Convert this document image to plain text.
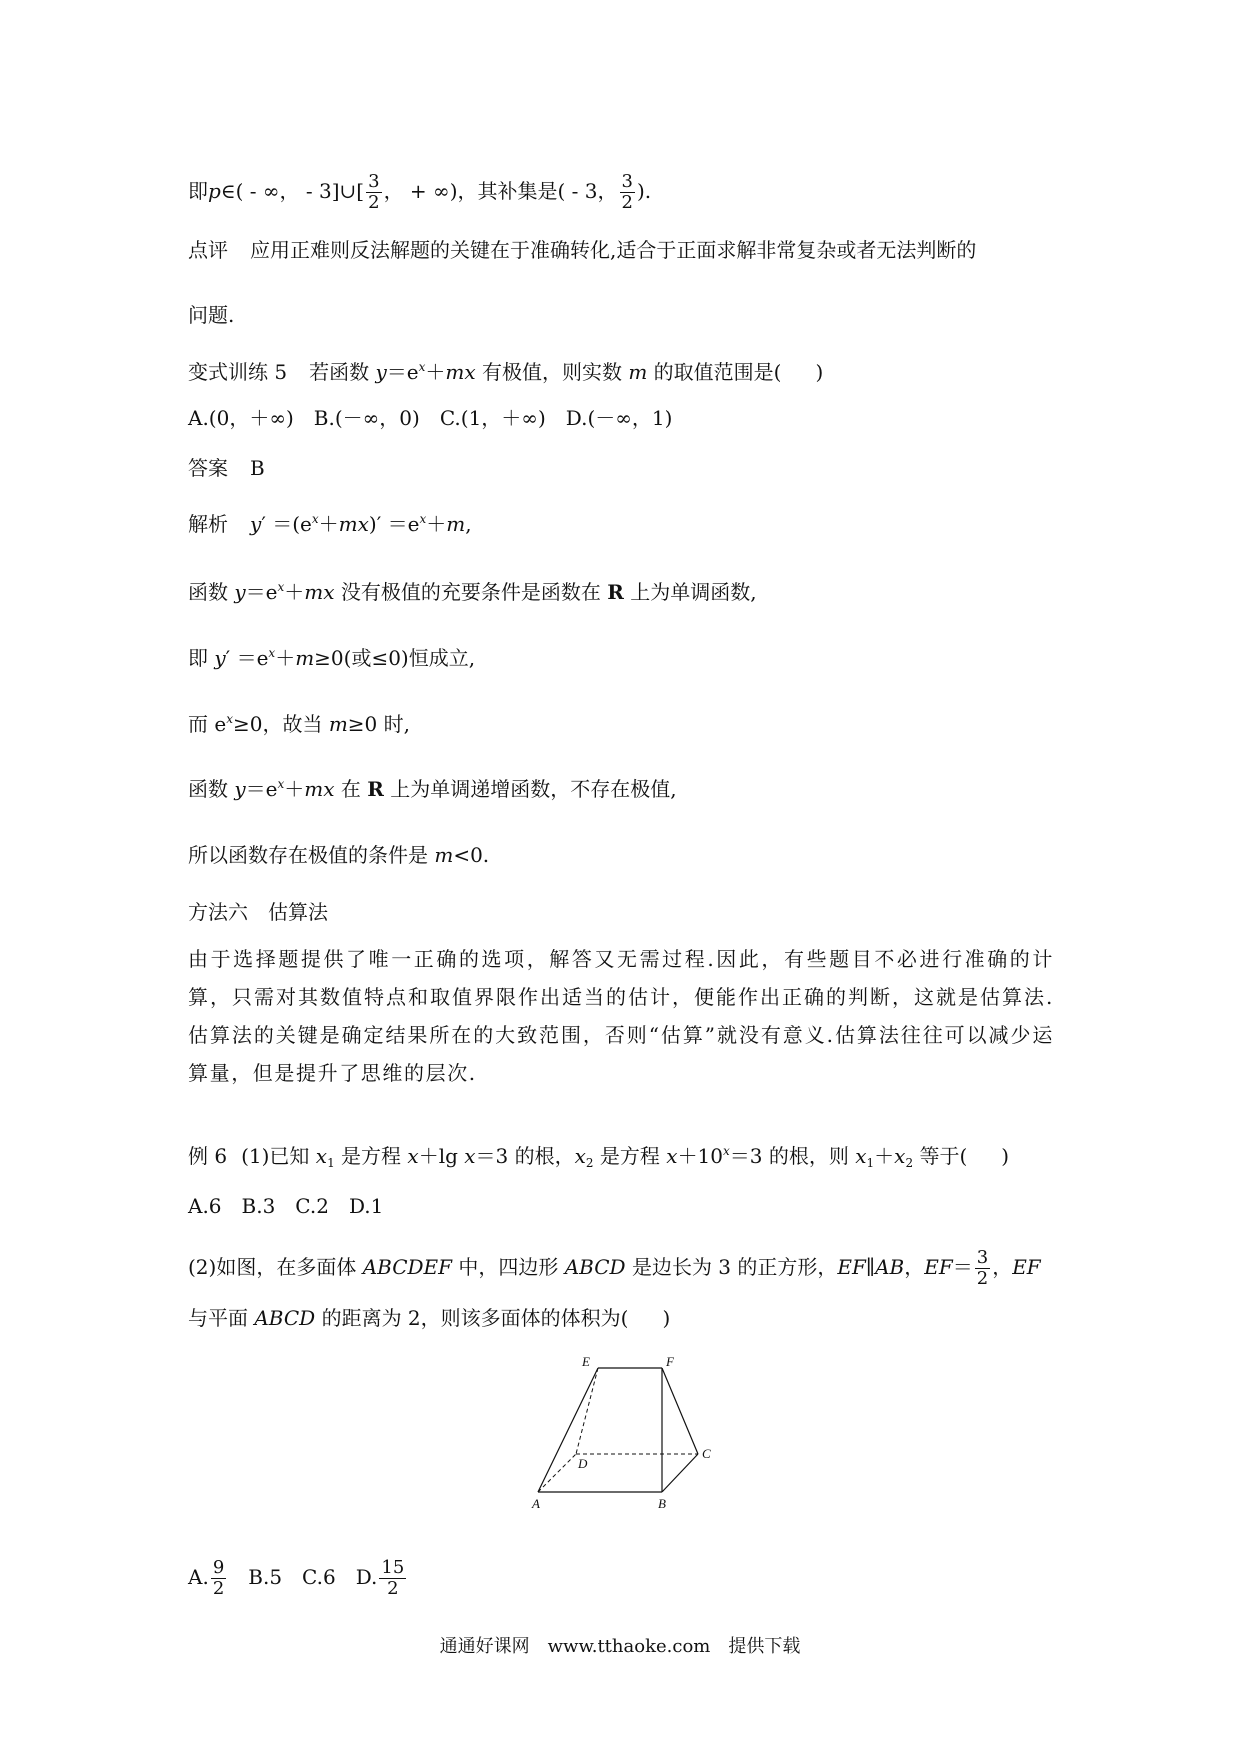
即p∈( - ∞， - 3]∪[ $\frac{3}{2}$ ， + ∞)，其补集是( - 3， $\frac{3}{2}$ ).
点评 应用正难则反法解题的关键在于准确转化,适合于正面求解非常复杂或者无法判断的
问题.
变式训练 5 若函数 $y=e^x+mx$ 有极值，则实数 m 的取值范围是( )
A.(0，＋∞)　B.(－∞，0)　C.(1，＋∞)　D.(－∞，1)
答案 B
解析 $y' =(e^x+mx)' =e^x+m$,
函数 $y=e^x+mx$ 没有极值的充要条件是函数在 R 上为单调函数,
即 $y' =e^x+m\ge 0$(或≤0)恒成立,
而 $e^x\ge 0$，故当 m≥0 时,
函数 $y=e^x+mx$ 在 R 上为单调递增函数，不存在极值,
所以函数存在极值的条件是 m<0.
方法六　估算法
由于选择题提供了唯一正确的选项，解答又无需过程.因此，有些题目不必进行准确的计算，只需对其数值特点和取值界限作出适当的估计，便能作出正确的判断，这就是估算法.估算法的关键是确定结果所在的大致范围，否则“估算”就没有意义.估算法往往可以减少运算量，但是提升了思维的层次.
例 6 (1)已知 $x_1$ 是方程 x＋lg x＝3 的根，$x_2$ 是方程 $x+10^x=3$ 的根，则 $x_1+x_2$ 等于( )
A.6　B.3　C.2　D.1
(2)如图，在多面体 ABCDEF 中，四边形 ABCD 是边长为 3 的正方形，EF∥AB，$EF= \frac{3}{2}$ ，EF
与平面 ABCD 的距离为 2，则该多面体的体积为( )
E	F
D
C
A	B
A. $\frac{9}{2}$ 　B.5　C.6　D. $\frac{15}{2}$
通通好课网　www.tthaoke.com　提供下载
